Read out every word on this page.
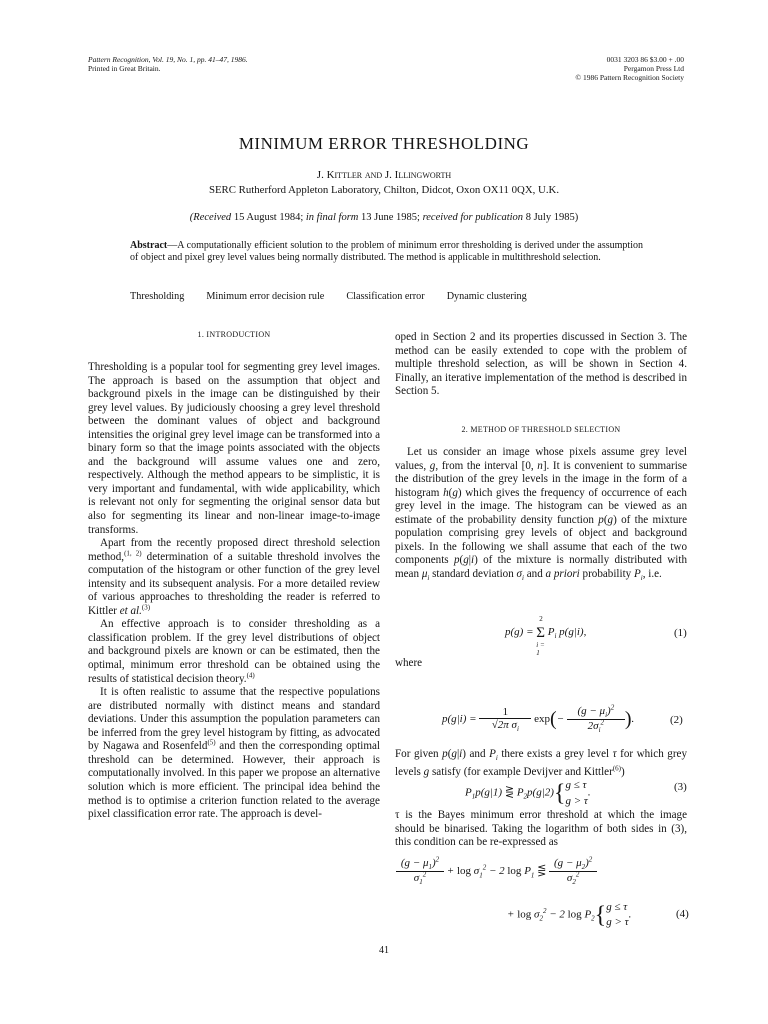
Pattern Recognition, Vol. 19, No. 1, pp. 41–47, 1986.
Printed in Great Britain.
0031 3203 86 $3.00 + .00
Pergamon Press Ltd
© 1986 Pattern Recognition Society
MINIMUM ERROR THRESHOLDING
J. Kittler and J. Illingworth
SERC Rutherford Appleton Laboratory, Chilton, Didcot, Oxon OX11 0QX, U.K.
(Received 15 August 1984; in final form 13 June 1985; received for publication 8 July 1985)
Abstract—A computationally efficient solution to the problem of minimum error thresholding is derived under the assumption of object and pixel grey level values being normally distributed. The method is applicable in multithreshold selection.
Thresholding Minimum error decision rule Classification error Dynamic clustering
1. INTRODUCTION

Thresholding is a popular tool for segmenting grey level images. The approach is based on the assumption that object and background pixels in the image can be distinguished by their grey level values. By judiciously choosing a grey level threshold between the dominant values of object and background intensities the original grey level image can be transformed into a binary form so that the image points associated with the objects and the background will assume values one and zero, respectively. Although the method appears to be simplistic, it is very important and fundamental, with wide applicability, which is relevant not only for segmenting the original sensor data but also for segmenting its linear and non-linear image-to-image transforms.

Apart from the recently proposed direct threshold selection method,$^{(1, 2)}$ determination of a suitable threshold involves the computation of the histogram or other function of the grey level intensity and its subsequent analysis. For a more detailed review of various approaches to thresholding the reader is referred to Kittler et al.$^{(3)}$

An effective approach is to consider thresholding as a classification problem. If the grey level distributions of object and background pixels are known or can be estimated, then the optimal, minimum error threshold can be obtained using the results of statistical decision theory.$^{(4)}$

It is often realistic to assume that the respective populations are distributed normally with distinct means and standard deviations. Under this assumption the population parameters can be inferred from the grey level histogram by fitting, as advocated by Nagawa and Rosenfeld$^{(5)}$ and then the corresponding optimal threshold can be determined. However, their approach is computationally involved. In this paper we propose an alternative solution which is more efficient. The principal idea behind the method is to optimise a criterion function related to the average pixel classification error rate. The approach is devel-

oped in Section 2 and its properties discussed in Section 3. The method can be easily extended to cope with the problem of multiple threshold selection, as will be shown in Section 4. Finally, an iterative implementation of the method is described in Section 5.

2. METHOD OF THRESHOLD SELECTION

Let us consider an image whose pixels assume grey level values, g, from the interval [0, n]. It is convenient to summarise the distribution of the grey levels in the image in the form of a histogram h(g) which gives the frequency of occurrence of each grey level in the image. The histogram can be viewed as an estimate of the probability density function p(g) of the mixture population comprising grey levels of object and background pixels. In the following we shall assume that each of the two components p(g|i) of the mixture is normally distributed with mean $\mu_i$ standard deviation $\sigma_i$ and a priori probability $P_i$, i.e.

p(g) = Σ
2
i = 1
$P_i$ p(g|i),	(1)
where
$p(g|i) = \frac{1}{√2\pi \sigma_i} \exp(- \frac{(g - \mu_i)^2}{2\sigma_i^2}$ ).	(2)

For given p(g|i) and $P_i$ there exists a grey level τ for which grey levels g satisfy (for example Devijver and Kittler$^{(6)}$)

$P_1p(g|1)$ ⋛ $P_2p(g|2)\{g \le \tau$
g > τ.	(3)
τ is the Bayes minimum error threshold at which the image should be binarised. Taking the logarithm of both sides in (3), this condition can be re-expressed as
$\frac{(g - \mu_1)^2}{\sigma_1^2} + \log \sigma_1^2 - 2$ $\log P_1$ ⋚ $\frac{(g - \mu_2)^2}{\sigma_2^2}$
+ $\log \sigma_2^2 - 2$ $\log P_2\{g \le \tau$
g > τ.	(4)
41
